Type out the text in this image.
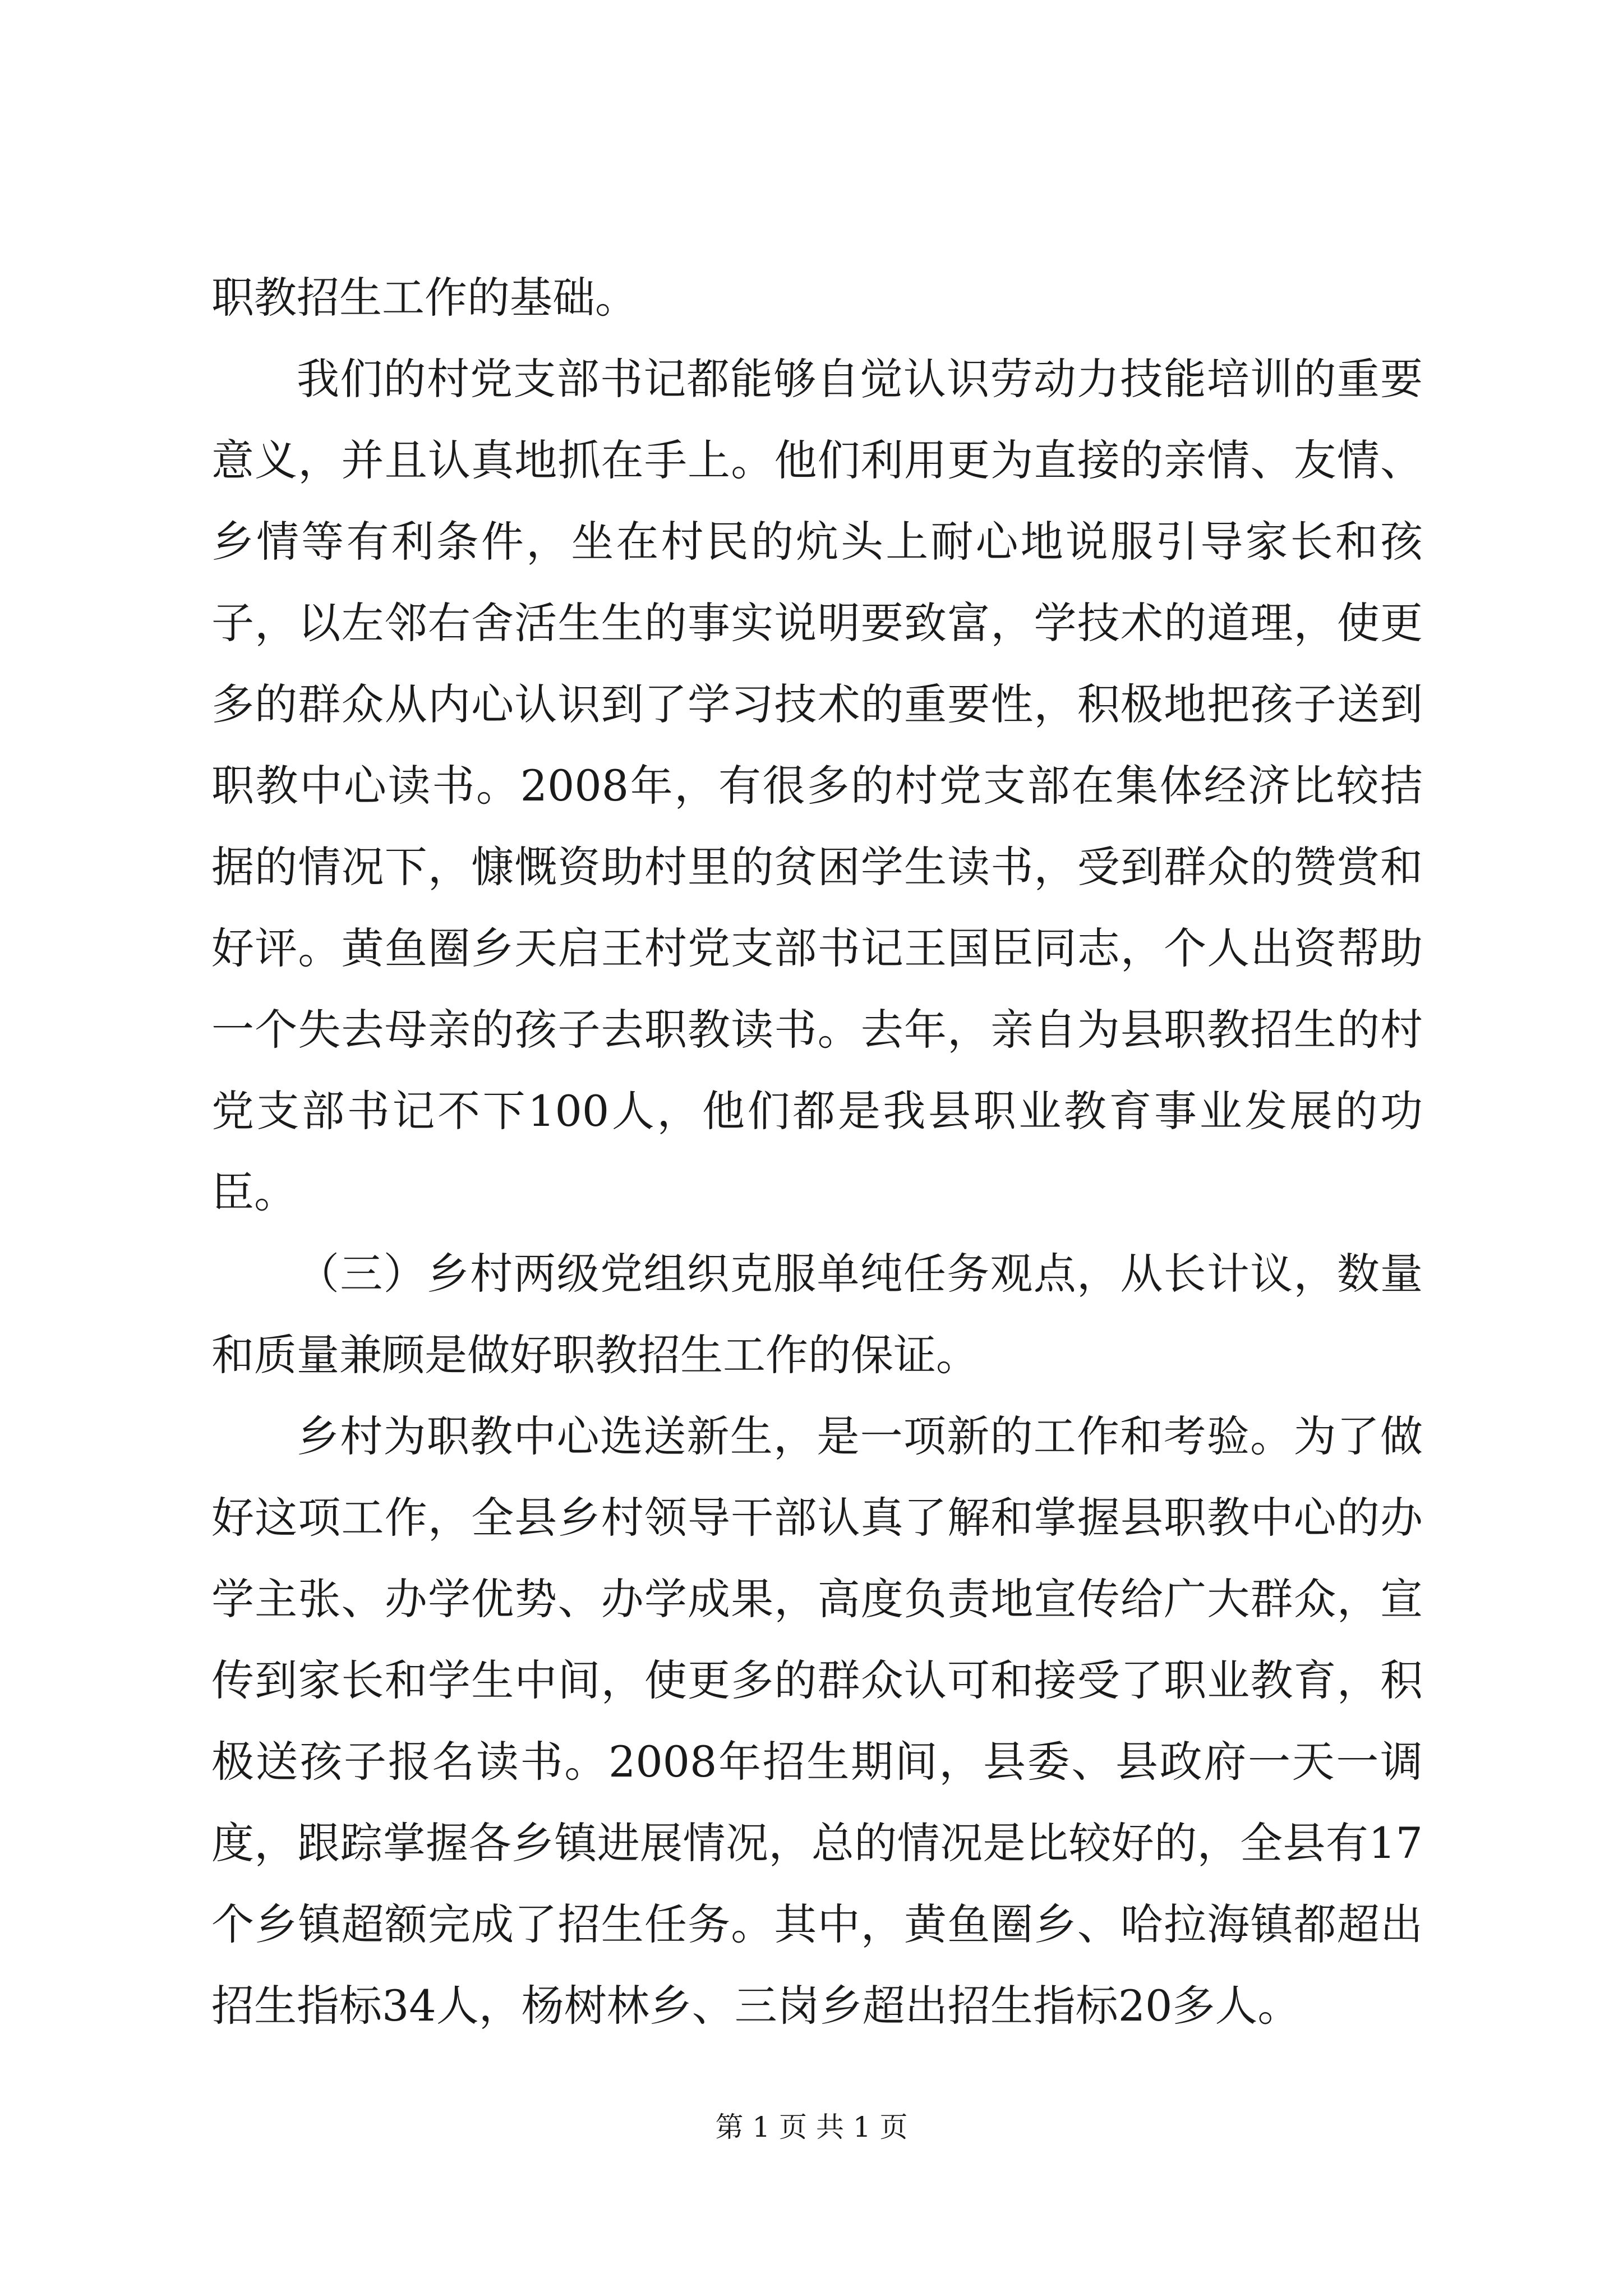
职教招生工作的基础。

我们的村党支部书记都能够自觉认识劳动力技能培训的重要意义，并且认真地抓在手上。他们利用更为直接的亲情、友情、乡情等有利条件，坐在村民的炕头上耐心地说服引导家长和孩子，以左邻右舍活生生的事实说明要致富，学技术的道理，使更多的群众从内心认识到了学习技术的重要性，积极地把孩子送到职教中心读书。2008年，有很多的村党支部在集体经济比较拮据的情况下，慷慨资助村里的贫困学生读书，受到群众的赞赏和好评。黄鱼圈乡天启王村党支部书记王国臣同志，个人出资帮助一个失去母亲的孩子去职教读书。去年，亲自为县职教招生的村党支部书记不下100人，他们都是我县职业教育事业发展的功臣。

（三）乡村两级党组织克服单纯任务观点，从长计议，数量和质量兼顾是做好职教招生工作的保证。

乡村为职教中心选送新生，是一项新的工作和考验。为了做好这项工作，全县乡村领导干部认真了解和掌握县职教中心的办学主张、办学优势、办学成果，高度负责地宣传给广大群众，宣传到家长和学生中间，使更多的群众认可和接受了职业教育，积极送孩子报名读书。2008年招生期间，县委、县政府一天一调度，跟踪掌握各乡镇进展情况，总的情况是比较好的，全县有17个乡镇超额完成了招生任务。其中，黄鱼圈乡、哈拉海镇都超出招生指标34人，杨树林乡、三岗乡超出招生指标20多人。

第 1 页 共 1 页
